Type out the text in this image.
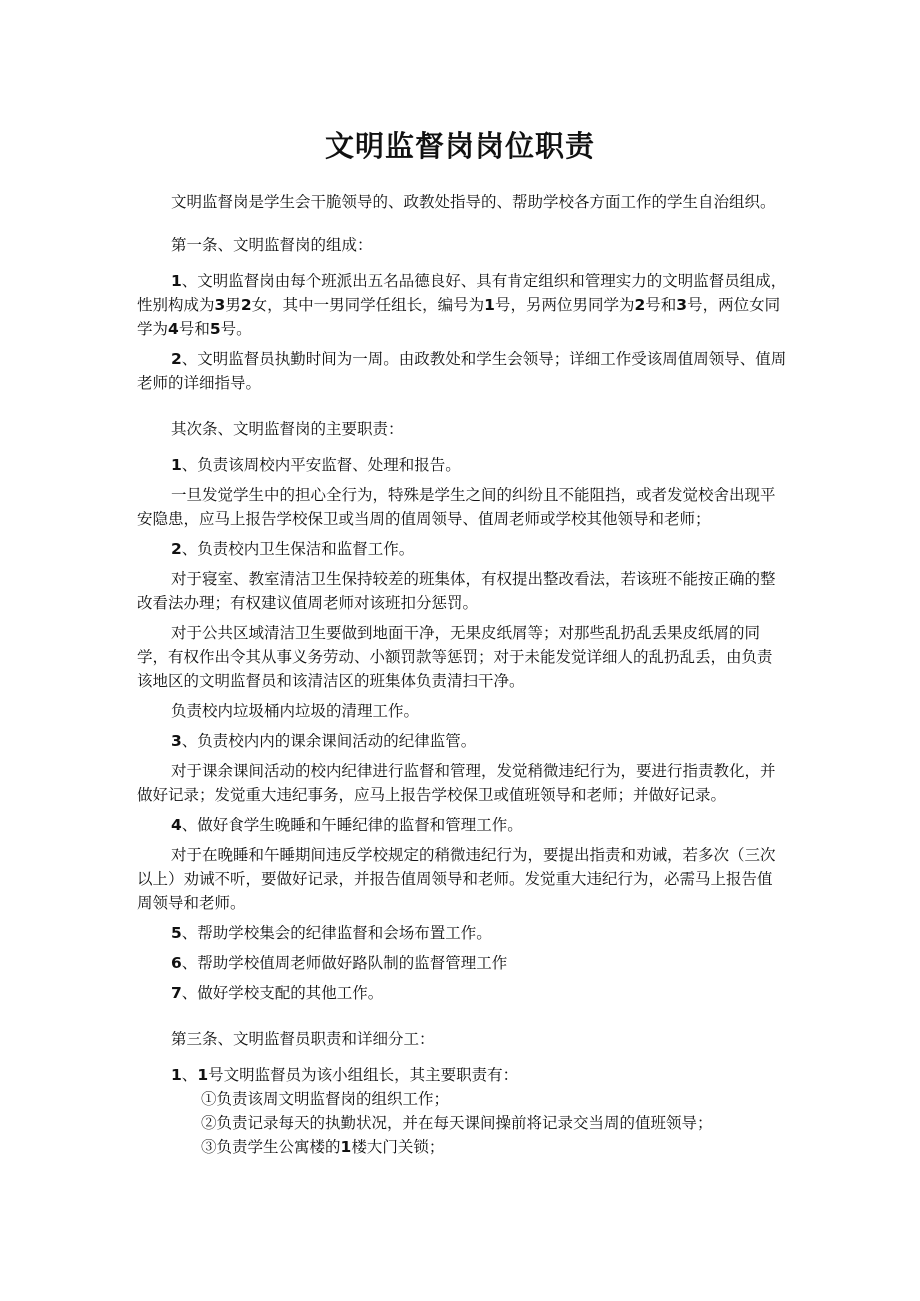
文明监督岗岗位职责

文明监督岗是学生会干脆领导的、政教处指导的、帮助学校各方面工作的学生自治组织。

第一条、文明监督岗的组成：

1、文明监督岗由每个班派出五名品德良好、具有肯定组织和管理实力的文明监督员组成，性别构成为3男2女，其中一男同学任组长，编号为1号，另两位男同学为2号和3号，两位女同学为4号和5号。

2、文明监督员执勤时间为一周。由政教处和学生会领导；详细工作受该周值周领导、值周老师的详细指导。

其次条、文明监督岗的主要职责：

1、负责该周校内平安监督、处理和报告。

一旦发觉学生中的担心全行为，特殊是学生之间的纠纷且不能阻挡，或者发觉校舍出现平安隐患，应马上报告学校保卫或当周的值周领导、值周老师或学校其他领导和老师；

2、负责校内卫生保洁和监督工作。

对于寝室、教室清洁卫生保持较差的班集体，有权提出整改看法，若该班不能按正确的整改看法办理；有权建议值周老师对该班扣分惩罚。

对于公共区域清洁卫生要做到地面干净，无果皮纸屑等；对那些乱扔乱丢果皮纸屑的同学，有权作出令其从事义务劳动、小额罚款等惩罚；对于未能发觉详细人的乱扔乱丢，由负责该地区的文明监督员和该清洁区的班集体负责清扫干净。

负责校内垃圾桶内垃圾的清理工作。

3、负责校内内的课余课间活动的纪律监管。

对于课余课间活动的校内纪律进行监督和管理，发觉稍微违纪行为，要进行指责教化，并做好记录；发觉重大违纪事务，应马上报告学校保卫或值班领导和老师；并做好记录。

4、做好食学生晚睡和午睡纪律的监督和管理工作。

对于在晚睡和午睡期间违反学校规定的稍微违纪行为，要提出指责和劝诫，若多次（三次以上）劝诫不听，要做好记录，并报告值周领导和老师。发觉重大违纪行为，必需马上报告值周领导和老师。

5、帮助学校集会的纪律监督和会场布置工作。

6、帮助学校值周老师做好路队制的监督管理工作

7、做好学校支配的其他工作。

第三条、文明监督员职责和详细分工：

1、1号文明监督员为该小组组长，其主要职责有：

①负责该周文明监督岗的组织工作；

②负责记录每天的执勤状况，并在每天课间操前将记录交当周的值班领导；

③负责学生公寓楼的1楼大门关锁；
